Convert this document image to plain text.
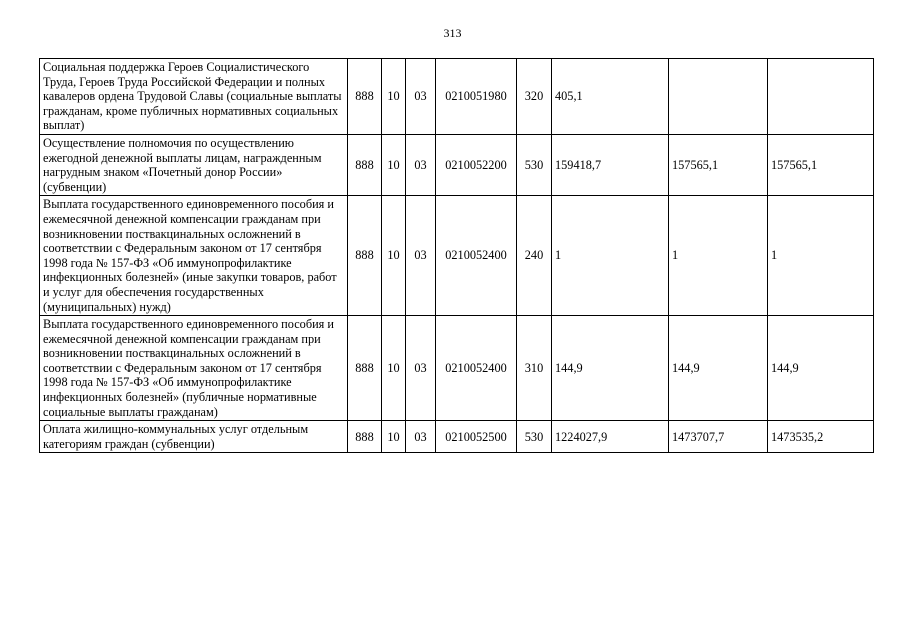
313
Социальная поддержка Героев Социалистического Труда, Героев Труда Российской Федерации и полных кавалеров ордена Трудовой Славы (социальные выплаты гражданам, кроме публичных нормативных социальных выплат)	888	10	03	0210051980	320	405,1		
Осуществление полномочия по осуществлению ежегодной денежной выплаты лицам, награжденным нагрудным знаком «Почетный донор России» (субвенции)	888	10	03	0210052200	530	159418,7	157565,1	157565,1
Выплата государственного единовременного пособия и ежемесячной денежной компенсации гражданам при возникновении поствакцинальных осложнений в соответствии с Федеральным законом от 17 сентября 1998 года № 157-ФЗ «Об иммунопрофилактике инфекционных болезней» (иные закупки товаров, работ и услуг для обеспечения государственных (муниципальных) нужд)	888	10	03	0210052400	240	1	1	1
Выплата государственного единовременного пособия и ежемесячной денежной компенсации гражданам при возникновении поствакцинальных осложнений в соответствии с Федеральным законом от 17 сентября 1998 года № 157-ФЗ «Об иммунопрофилактике инфекционных болезней» (публичные нормативные социальные выплаты гражданам)	888	10	03	0210052400	310	144,9	144,9	144,9
Оплата жилищно-коммунальных услуг отдельным категориям граждан (субвенции)	888	10	03	0210052500	530	1224027,9	1473707,7	1473535,2
